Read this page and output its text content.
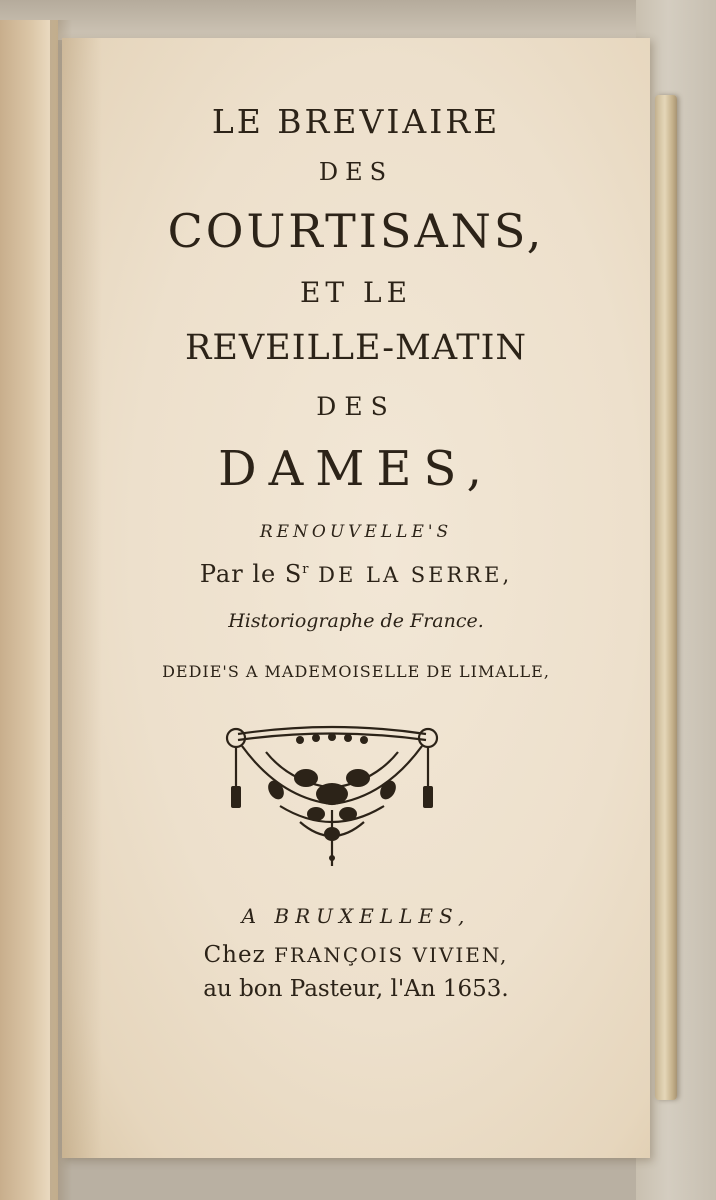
LE BREVIAIRE

DES

COURTISANS,

ET LE

REVEILLE-MATIN

DES

DAMES,

RENOUVELLE'S

Par le $S^r$ DE LA SERRE,

Historiographe de France.

DEDIE'S A MADEMOISELLE DE LIMALLE,

A BRUXELLES,

Chez FRANÇOIS VIVIEN,

au bon Pasteur, l'An 1653.
